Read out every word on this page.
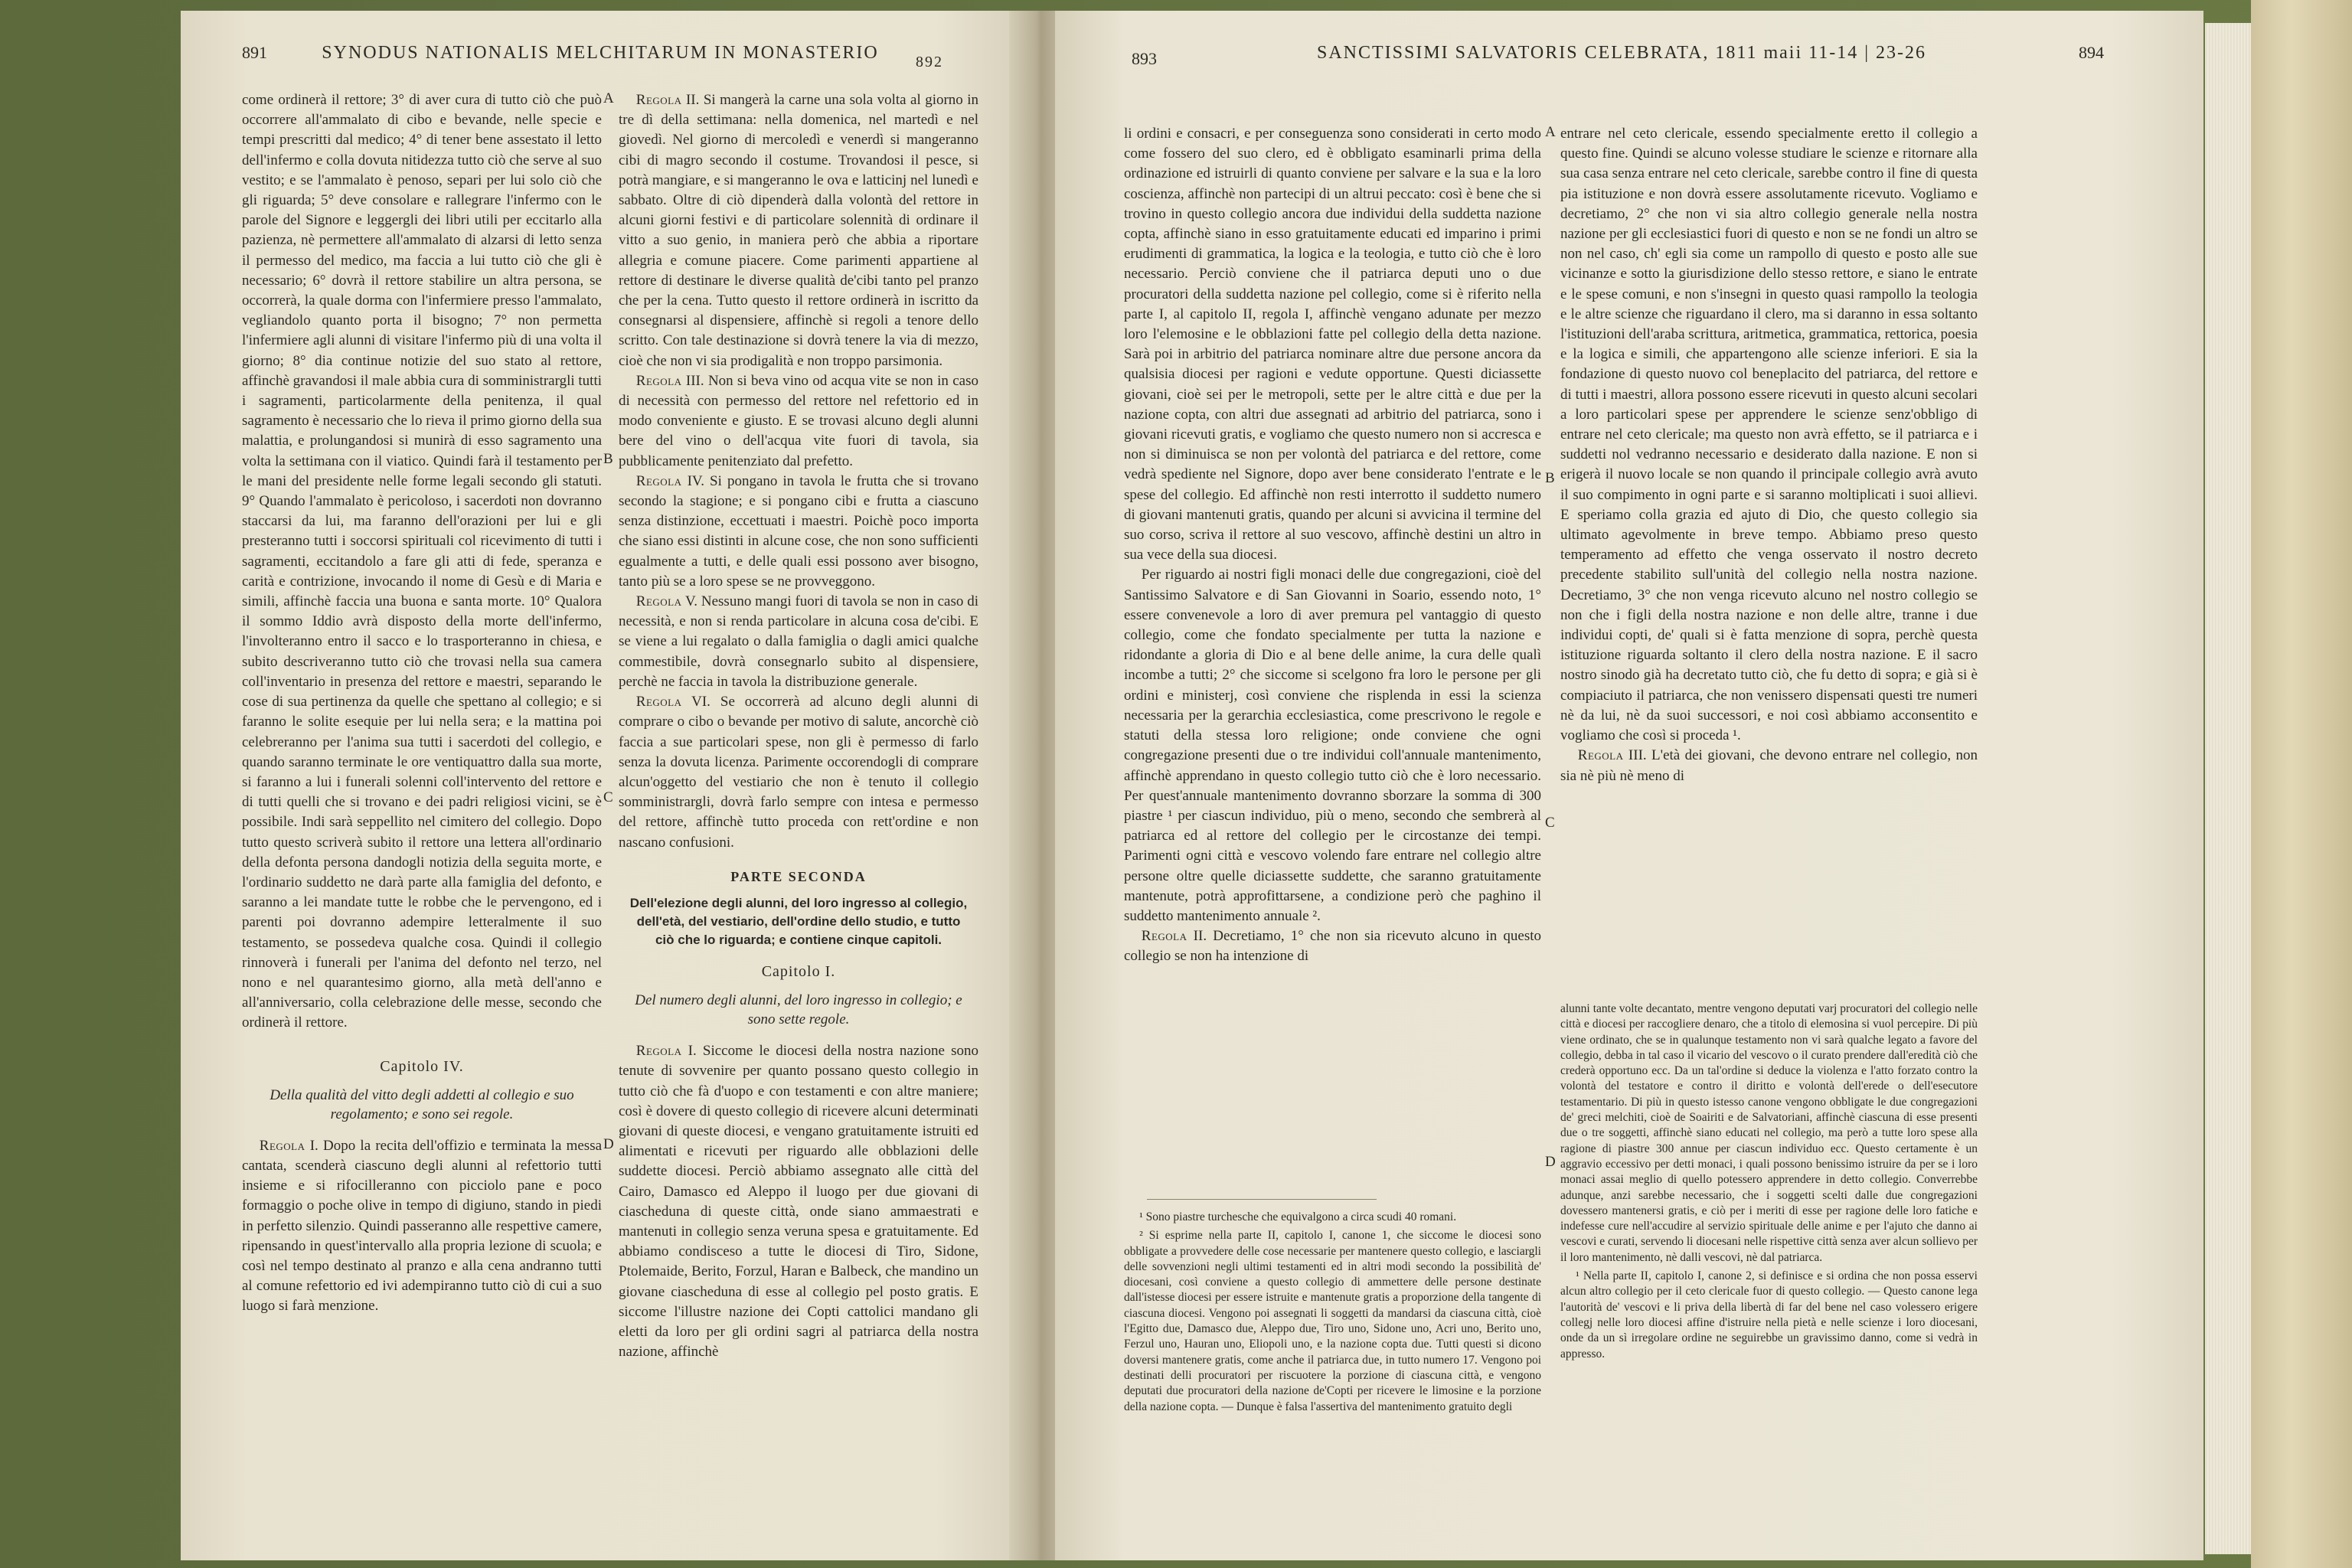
891	SYNODUS NATIONALIS MELCHITARUM IN MONASTERIO	892

come ordinerà il rettore; 3° di aver cura di tutto ciò che può occorrere all'ammalato di cibo e bevande, nelle specie e tempi prescritti dal medico; 4° di tener bene assestato il letto dell'infermo e colla dovuta nitidezza tutto ciò che serve al suo vestito; e se l'ammalato è penoso, separi per lui solo ciò che gli riguarda; 5° deve consolare e rallegrare l'infermo con le parole del Signore e leggergli dei libri utili per eccitarlo alla pazienza, nè permettere all'ammalato di alzarsi di letto senza il permesso del medico, ma faccia a lui tutto ciò che gli è necessario; 6° dovrà il rettore stabilire un altra persona, se occorrerà, la quale dorma con l'infermiere presso l'ammalato, vegliandolo quanto porta il bisogno; 7° non permetta l'infermiere agli alunni di visitare l'infermo più di una volta il giorno; 8° dia continue notizie del suo stato al rettore, affinchè gravandosi il male abbia cura di somministrargli tutti i sagramenti, particolarmente della penitenza, il qual sagramento è necessario che lo rieva il primo giorno della sua malattia, e prolungandosi si munirà di esso sagramento una volta la settimana con il viatico. Quindi farà il testamento per le mani del presidente nelle forme legali secondo gli statuti. 9° Quando l'ammalato è pericoloso, i sacerdoti non dovranno staccarsi da lui, ma faranno dell'orazioni per lui e gli presteranno tutti i soccorsi spirituali col ricevimento di tutti i sagramenti, eccitandolo a fare gli atti di fede, speranza e carità e contrizione, invocando il nome di Gesù e di Maria e simili, affinchè faccia una buona e santa morte. 10° Qualora il sommo Iddio avrà disposto della morte dell'infermo, l'involteranno entro il sacco e lo trasporteranno in chiesa, e subito descriveranno tutto ciò che trovasi nella sua camera coll'inventario in presenza del rettore e maestri, separando le cose di sua pertinenza da quelle che spettano al collegio; e si faranno le solite esequie per lui nella sera; e la mattina poi celebreranno per l'anima sua tutti i sacerdoti del collegio, e quando saranno terminate le ore ventiquattro dalla sua morte, si faranno a lui i funerali solenni coll'intervento del rettore e di tutti quelli che si trovano e dei padri religiosi vicini, se è possibile. Indi sarà seppellito nel cimitero del collegio. Dopo tutto questo scriverà subito il rettore una lettera all'ordinario della defonta persona dandogli notizia della seguita morte, e l'ordinario suddetto ne darà parte alla famiglia del defonto, e saranno a lei mandate tutte le robbe che le pervengono, ed i parenti poi dovranno adempire letteralmente il suo testamento, se possedeva qualche cosa. Quindi il collegio rinnoverà i funerali per l'anima del defonto nel terzo, nel nono e nel quarantesimo giorno, alla metà dell'anno e all'anniversario, colla celebrazione delle messe, secondo che ordinerà il rettore.

Capitolo IV.
Della qualità del vitto degli addetti al collegio e suo regolamento; e sono sei regole.

Regola I. Dopo la recita dell'offizio e terminata la messa cantata, scenderà ciascuno degli alunni al refettorio tutti insieme e si rifocilleranno con picciolo pane e poco formaggio o poche olive in tempo di digiuno, stando in piedi in perfetto silenzio. Quindi passeranno alle respettive camere, ripensando in quest'intervallo alla propria lezione di scuola; e così nel tempo destinato al pranzo e alla cena andranno tutti al comune refettorio ed ivi adempiranno tutto ciò di cui a suo luogo si farà menzione.

A
B
C
D

Regola II. Si mangerà la carne una sola volta al giorno in tre dì della settimana: nella domenica, nel martedì e nel giovedì. Nel giorno di mercoledì e venerdì si mangeranno cibi di magro secondo il costume. Trovandosi il pesce, si potrà mangiare, e si mangeranno le ova e latticinj nel lunedì e sabbato. Oltre di ciò dipenderà dalla volontà del rettore in alcuni giorni festivi e di particolare solennità di ordinare il vitto a suo genio, in maniera però che abbia a riportare allegria e comune piacere. Come parimenti appartiene al rettore di destinare le diverse qualità de'cibi tanto pel pranzo che per la cena. Tutto questo il rettore ordinerà in iscritto da consegnarsi al dispensiere, affinchè si regoli a tenore dello scritto. Con tale destinazione si dovrà tenere la via di mezzo, cioè che non vi sia prodigalità e non troppo parsimonia.

Regola III. Non si beva vino od acqua vite se non in caso di necessità con permesso del rettore nel refettorio ed in modo conveniente e giusto. E se trovasi alcuno degli alunni bere del vino o dell'acqua vite fuori di tavola, sia pubblicamente penitenziato dal prefetto.

Regola IV. Si pongano in tavola le frutta che si trovano secondo la stagione; e si pongano cibi e frutta a ciascuno senza distinzione, eccettuati i maestri. Poichè poco importa che siano essi distinti in alcune cose, che non sono sufficienti egualmente a tutti, e delle quali essi possono aver bisogno, tanto più se a loro spese se ne provveggono.

Regola V. Nessuno mangi fuori di tavola se non in caso di necessità, e non si renda particolare in alcuna cosa de'cibi. E se viene a lui regalato o dalla famiglia o dagli amici qualche commestibile, dovrà consegnarlo subito al dispensiere, perchè ne faccia in tavola la distribuzione generale.

Regola VI. Se occorrerà ad alcuno degli alunni di comprare o cibo o bevande per motivo di salute, ancorchè ciò faccia a sue particolari spese, non gli è permesso di farlo senza la dovuta licenza. Parimente occorendogli di comprare alcun'oggetto del vestiario che non è tenuto il collegio somministrargli, dovrà farlo sempre con intesa e permesso del rettore, affinchè tutto proceda con rett'ordine e non nascano confusioni.

PARTE SECONDA
Dell'elezione degli alunni, del loro ingresso al collegio, dell'età, del vestiario, dell'ordine dello studio, e tutto ciò che lo riguarda; e contiene cinque capitoli.
Capitolo I.
Del numero degli alunni, del loro ingresso in collegio; e sono sette regole.

Regola I. Siccome le diocesi della nostra nazione sono tenute di sovvenire per quanto possano questo collegio in tutto ciò che fà d'uopo e con testamenti e con altre maniere; così è dovere di questo collegio di ricevere alcuni determinati giovani di queste diocesi, e vengano gratuitamente istruiti ed alimentati e ricevuti per riguardo alle obblazioni delle suddette diocesi. Perciò abbiamo assegnato alle città del Cairo, Damasco ed Aleppo il luogo per due giovani di ciascheduna di queste città, onde siano ammaestrati e mantenuti in collegio senza veruna spesa e gratuitamente. Ed abbiamo condisceso a tutte le diocesi di Tiro, Sidone, Ptolemaide, Berito, Forzul, Haran e Balbeck, che mandino un giovane ciascheduna di esse al collegio pel posto gratis. E siccome l'illustre nazione dei Copti cattolici mandano gli eletti da loro per gli ordini sagri al patriarca della nostra nazione, affinchè

893	SANCTISSIMI SALVATORIS CELEBRATA, 1811 maii 11-14 | 23-26	894

li ordini e consacri, e per conseguenza sono considerati in certo modo come fossero del suo clero, ed è obbligato esaminarli prima della ordinazione ed istruirli di quanto conviene per salvare e la sua e la loro coscienza, affinchè non partecipi di un altrui peccato: così è bene che si trovino in questo collegio ancora due individui della suddetta nazione copta, affinchè siano in esso gratuitamente educati ed imparino i primi erudimenti di grammatica, la logica e la teologia, e tutto ciò che è loro necessario. Perciò conviene che il patriarca deputi uno o due procuratori della suddetta nazione pel collegio, come si è riferito nella parte I, al capitolo II, regola I, affinchè vengano adunate per mezzo loro l'elemosine e le obblazioni fatte pel collegio della detta nazione. Sarà poi in arbitrio del patriarca nominare altre due persone ancora da qualsisia diocesi per ragioni e vedute opportune. Questi diciassette giovani, cioè sei per le metropoli, sette per le altre città e due per la nazione copta, con altri due assegnati ad arbitrio del patriarca, sono i giovani ricevuti gratis, e vogliamo che questo numero non si accresca e non si diminuisca se non per volontà del patriarca e del rettore, come vedrà spediente nel Signore, dopo aver bene considerato l'entrate e le spese del collegio. Ed affinchè non resti interrotto il suddetto numero di giovani mantenuti gratis, quando per alcuni si avvicina il termine del suo corso, scriva il rettore al suo vescovo, affinchè destini un altro in sua vece della sua diocesi.

Per riguardo ai nostri figli monaci delle due congregazioni, cioè del Santissimo Salvatore e di San Giovanni in Soario, essendo noto, 1° essere convenevole a loro di aver premura pel vantaggio di questo collegio, come che fondato specialmente per tutta la nazione e ridondante a gloria di Dio e al bene delle anime, la cura delle qualì incombe a tutti; 2° che siccome si scelgono fra loro le persone per gli ordini e ministerj, così conviene che risplenda in essi la scienza necessaria per la gerarchia ecclesiastica, come prescrivono le regole e statuti della stessa loro religione; onde conviene che ogni congregazione presenti due o tre individui coll'annuale mantenimento, affinchè apprendano in questo collegio tutto ciò che è loro necessario. Per quest'annuale mantenimento dovranno sborzare la somma di 300 piastre ¹ per ciascun individuo, più o meno, secondo che sembrerà al patriarca ed al rettore del collegio per le circostanze dei tempi. Parimenti ogni città e vescovo volendo fare entrare nel collegio altre persone oltre quelle diciassette suddette, che saranno gratuitamente mantenute, potrà approfittarsene, a condizione però che paghino il suddetto mantenimento annuale ².

Regola II. Decretiamo, 1° che non sia ricevuto alcuno in questo collegio se non ha intenzione di

A
B
C
D

¹ Sono piastre turchesche che equivalgono a circa scudi 40 romani.

² Si esprime nella parte II, capitolo I, canone 1, che siccome le diocesi sono obbligate a provvedere delle cose necessarie per mantenere questo collegio, e lasciargli delle sovvenzioni negli ultimi testamenti ed in altri modi secondo la possibilità de' diocesani, così conviene a questo collegio di ammettere delle persone destinate dall'istesse diocesi per essere istruite e mantenute gratis a proporzione della tangente di ciascuna diocesi. Vengono poi assegnati li soggetti da mandarsi da ciascuna città, cioè l'Egitto due, Damasco due, Aleppo due, Tiro uno, Sidone uno, Acri uno, Berito uno, Ferzul uno, Hauran uno, Eliopoli uno, e la nazione copta due. Tutti questi si dicono doversi mantenere gratis, come anche il patriarca due, in tutto numero 17. Vengono poi destinati delli procuratori per riscuotere la porzione di ciascuna città, e vengono deputati due procuratori della nazione de'Copti per ricevere le limosine e la porzione della nazione copta. — Dunque è falsa l'assertiva del mantenimento gratuito degli

entrare nel ceto clericale, essendo specialmente eretto il collegio a questo fine. Quindi se alcuno volesse studiare le scienze e ritornare alla sua casa senza entrare nel ceto clericale, sarebbe contro il fine di questa pia istituzione e non dovrà essere assolutamente ricevuto. Vogliamo e decretiamo, 2° che non vi sia altro collegio generale nella nostra nazione per gli ecclesiastici fuori di questo e non se ne fondi un altro se non nel caso, ch' egli sia come un rampollo di questo e posto alle sue vicinanze e sotto la giurisdizione dello stesso rettore, e siano le entrate e le spese comuni, e non s'insegni in questo quasi rampollo la teologia e le altre scienze che riguardano il clero, ma si daranno in essa soltanto l'istituzioni dell'araba scrittura, aritmetica, grammatica, rettorica, poesia e la logica e simili, che appartengono alle scienze inferiori. E sia la fondazione di questo nuovo col beneplacito del patriarca, del rettore e di tutti i maestri, allora possono essere ricevuti in questo alcuni secolari a loro particolari spese per apprendere le scienze senz'obbligo di entrare nel ceto clericale; ma questo non avrà effetto, se il patriarca e i suddetti nol vedranno necessario e desiderato dalla nazione. E non si erigerà il nuovo locale se non quando il principale collegio avrà avuto il suo compimento in ogni parte e si saranno moltiplicati i suoi allievi. E speriamo colla grazia ed ajuto di Dio, che questo collegio sia ultimato agevolmente in breve tempo. Abbiamo preso questo temperamento ad effetto che venga osservato il nostro decreto precedente stabilito sull'unità del collegio nella nostra nazione. Decretiamo, 3° che non venga ricevuto alcuno nel nostro collegio se non che i figli della nostra nazione e non delle altre, tranne i due individui copti, de' quali si è fatta menzione di sopra, perchè questa istituzione riguarda soltanto il clero della nostra nazione. E il sacro nostro sinodo già ha decretato tutto ciò, che fu detto di sopra; e già si è compiaciuto il patriarca, che non venissero dispensati questi tre numeri nè da lui, nè da suoi successori, e noi così abbiamo acconsentito e vogliamo che così si proceda ¹.

Regola III. L'età dei giovani, che devono entrare nel collegio, non sia nè più nè meno di

alunni tante volte decantato, mentre vengono deputati varj procuratori del collegio nelle città e diocesi per raccogliere denaro, che a titolo di elemosina si vuol percepire. Di più viene ordinato, che se in qualunque testamento non vi sarà qualche legato a favore del collegio, debba in tal caso il vicario del vescovo o il curato prendere dall'eredità ciò che crederà opportuno ecc. Da un tal'ordine si deduce la violenza e l'atto forzato contro la volontà del testatore e contro il diritto e volontà dell'erede o dell'esecutore testamentario. Di più in questo istesso canone vengono obbligate le due congregazioni de' greci melchiti, cioè de Soairiti e de Salvatoriani, affinchè ciascuna di esse presenti due o tre soggetti, affinchè siano educati nel collegio, ma però a tutte loro spese alla ragione di piastre 300 annue per ciascun individuo ecc. Questo certamente è un aggravio eccessivo per detti monaci, i quali possono benissimo istruire da per se i loro monaci assai meglio di quello potessero apprendere in detto collegio. Converrebbe adunque, anzi sarebbe necessario, che i soggetti scelti dalle due congregazioni dovessero mantenersi gratis, e ciò per i meriti di esse per ragione delle loro fatiche e indefesse cure nell'accudire al servizio spirituale delle anime e per l'ajuto che danno ai vescovi e curati, servendo li diocesani nelle rispettive città senza aver alcun sollievo per il loro mantenimento, nè dalli vescovi, nè dal patriarca.

¹ Nella parte II, capitolo I, canone 2, si definisce e si ordina che non possa esservi alcun altro collegio per il ceto clericale fuor di questo collegio. — Questo canone lega l'autorità de' vescovi e li priva della libertà di far del bene nel caso volessero erigere collegj nelle loro diocesi affine d'istruire nella pietà e nelle scienze i loro diocesani, onde da un sì irregolare ordine ne seguirebbe un gravissimo danno, come si vedrà in appresso.
